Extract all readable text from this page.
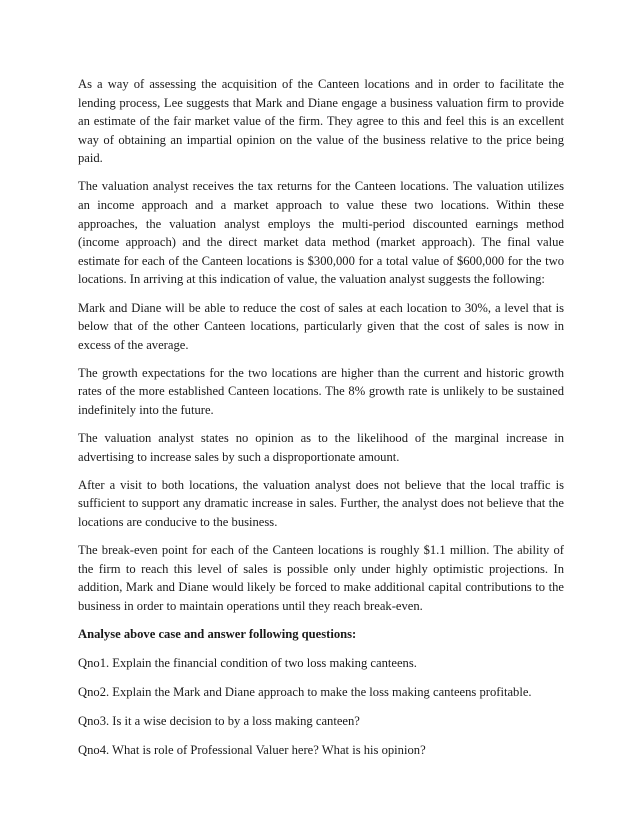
As a way of assessing the acquisition of the Canteen locations and in order to facilitate the lending process, Lee suggests that Mark and Diane engage a business valuation firm to provide an estimate of the fair market value of the firm. They agree to this and feel this is an excellent way of obtaining an impartial opinion on the value of the business relative to the price being paid.

The valuation analyst receives the tax returns for the Canteen locations. The valuation utilizes an income approach and a market approach to value these two locations. Within these approaches, the valuation analyst employs the multi-period discounted earnings method (income approach) and the direct market data method (market approach). The final value estimate for each of the Canteen locations is $300,000 for a total value of $600,000 for the two locations. In arriving at this indication of value, the valuation analyst suggests the following:

Mark and Diane will be able to reduce the cost of sales at each location to 30%, a level that is below that of the other Canteen locations, particularly given that the cost of sales is now in excess of the average.

The growth expectations for the two locations are higher than the current and historic growth rates of the more established Canteen locations. The 8% growth rate is unlikely to be sustained indefinitely into the future.

The valuation analyst states no opinion as to the likelihood of the marginal increase in advertising to increase sales by such a disproportionate amount.

After a visit to both locations, the valuation analyst does not believe that the local traffic is sufficient to support any dramatic increase in sales. Further, the analyst does not believe that the locations are conducive to the business.

The break-even point for each of the Canteen locations is roughly $1.1 million. The ability of the firm to reach this level of sales is possible only under highly optimistic projections. In addition, Mark and Diane would likely be forced to make additional capital contributions to the business in order to maintain operations until they reach break-even.

Analyse above case and answer following questions:

Qno1. Explain the financial condition of two loss making canteens.

Qno2. Explain the Mark and Diane approach to make the loss making canteens profitable.

Qno3. Is it a wise decision to by a loss making canteen?

Qno4. What is role of Professional Valuer here? What is his opinion?
